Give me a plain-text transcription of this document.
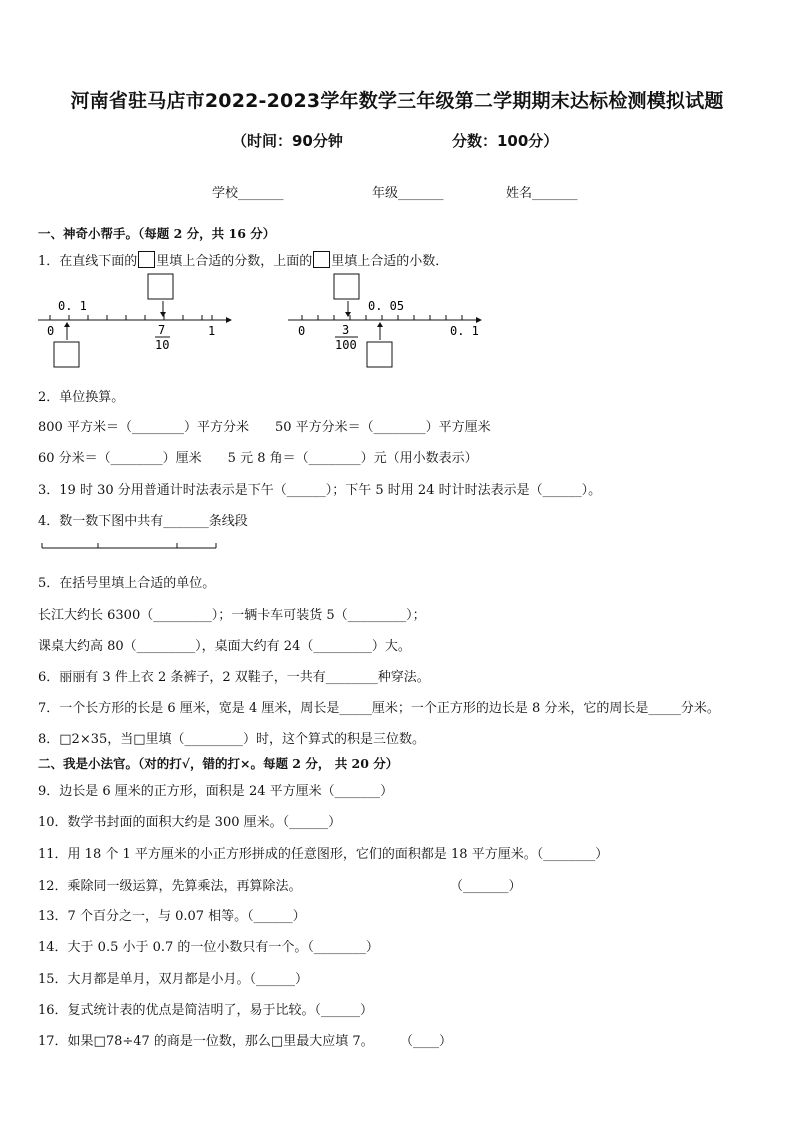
河南省驻马店市2022-2023学年数学三年级第二学期期末达标检测模拟试题
（时间：90分钟	分数：100分）
学校_______	年级_______	姓名_______
一、神奇小帮手。（每题 2 分，共 16 分）
1．在直线下面的 里填上合适的分数，上面的 里填上合适的小数．
0. 1
0	7
10
1
0. 05
0	3
100
0. 1
2．单位换算。
800 平方米＝（________）平方分米　　50 平方分米＝（________）平方厘米
60 分米＝（________）厘米　　5 元 8 角＝（________）元（用小数表示）
3．19 时 30 分用普通计时法表示是下午（______）；下午 5 时用 24 时计时法表示是（______）。
4．数一数下图中共有_______条线段
5．在括号里填上合适的单位。
长江大约长 6300（_________）；一辆卡车可装货 5（_________）；
课桌大约高 80（_________），桌面大约有 24（_________）大。
6．丽丽有 3 件上衣 2 条裤子，2 双鞋子，一共有________种穿法。
7．一个长方形的长是 6 厘米，宽是 4 厘米，周长是_____厘米；一个正方形的边长是 8 分米，它的周长是_____分米。
8．□2×35，当□里填（_________）时，这个算式的积是三位数。
二、我是小法官。（对的打√，错的打×。每题 2 分， 共 20 分）
9．边长是 6 厘米的正方形，面积是 24 平方厘米（_______）
10．数学书封面的面积大约是 300 厘米。（______）
11．用 18 个 1 平方厘米的小正方形拼成的任意图形，它们的面积都是 18 平方厘米。（________）
12．乘除同一级运算，先算乘法，再算除法。	（_______）
13．7 个百分之一，与 0.07 相等。（______）
14．大于 0.5 小于 0.7 的一位小数只有一个。（________）
15．大月都是单月，双月都是小月。（______）
16．复式统计表的优点是简洁明了，易于比较。（______）
17．如果□78÷47 的商是一位数，那么□里最大应填 7。 （____）
